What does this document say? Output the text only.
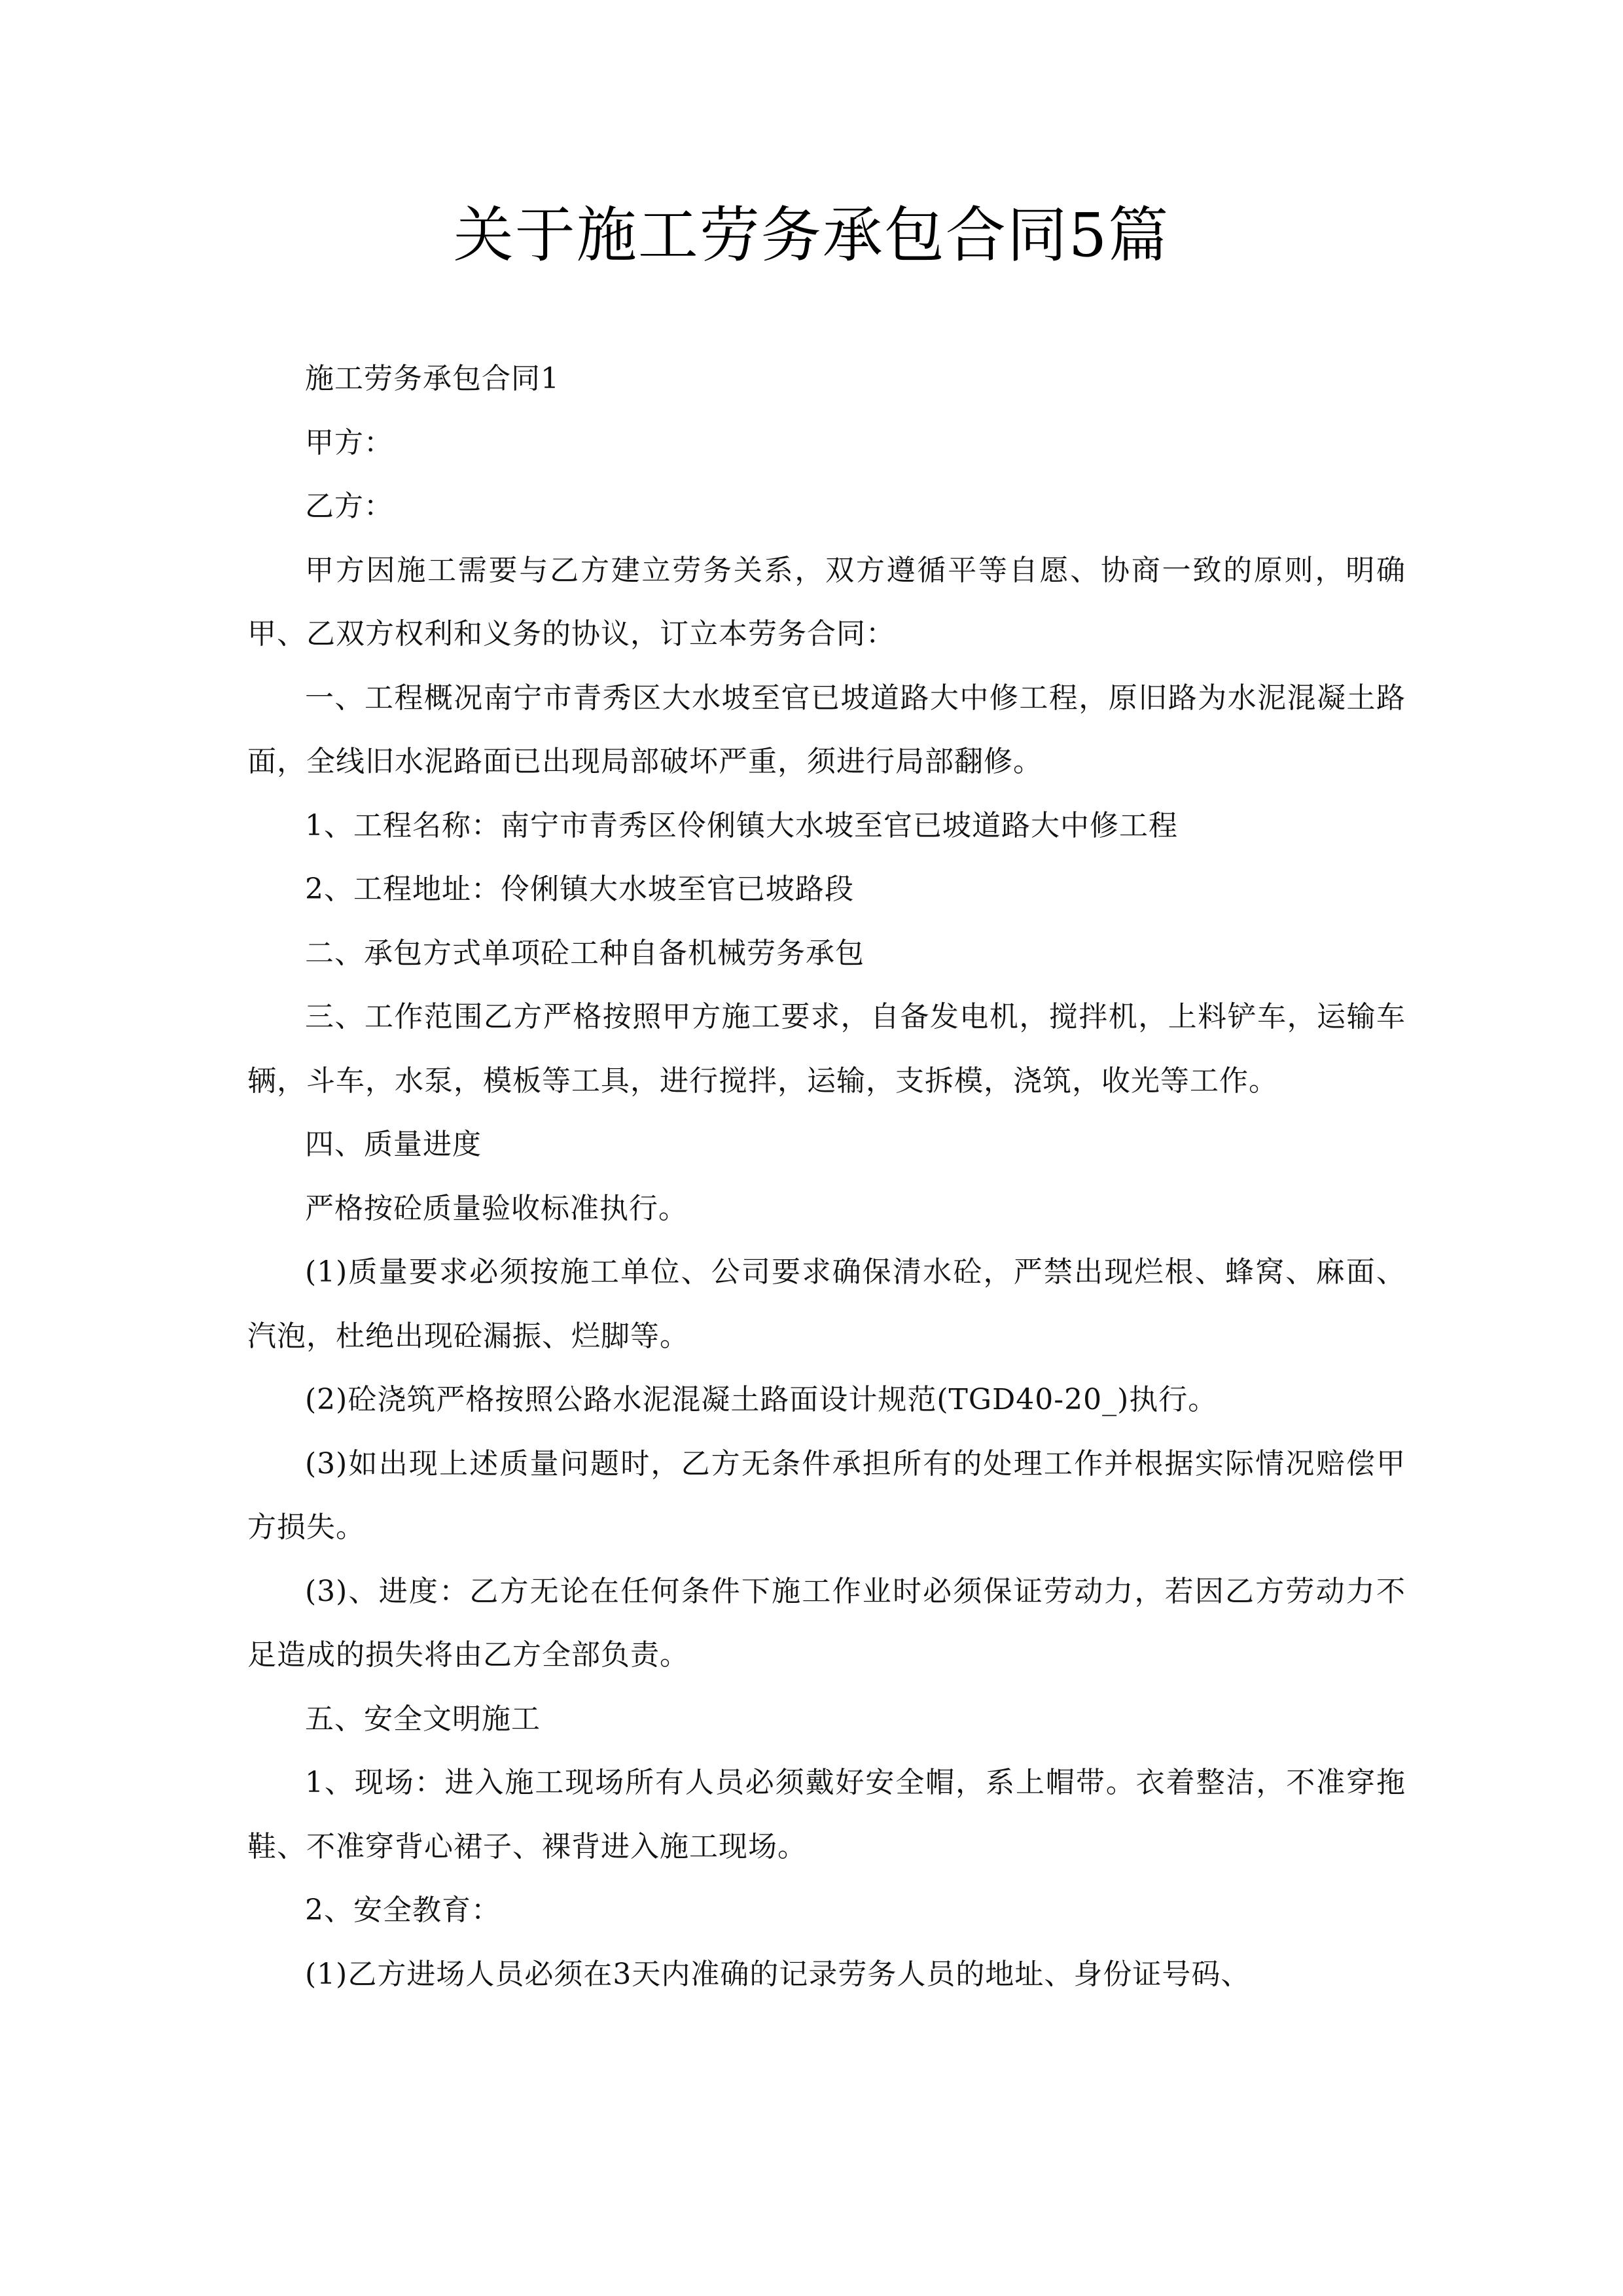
关于施工劳务承包合同5篇

施工劳务承包合同1

甲方：

乙方：

甲方因施工需要与乙方建立劳务关系，双方遵循平等自愿、协商一致的原则，明确甲、乙双方权利和义务的协议，订立本劳务合同：

一、工程概况南宁市青秀区大水坡至官已坡道路大中修工程，原旧路为水泥混凝土路面，全线旧水泥路面已出现局部破坏严重，须进行局部翻修。

1、工程名称：南宁市青秀区伶俐镇大水坡至官已坡道路大中修工程

2、工程地址：伶俐镇大水坡至官已坡路段

二、承包方式单项砼工种自备机械劳务承包

三、工作范围乙方严格按照甲方施工要求，自备发电机，搅拌机，上料铲车，运输车辆，斗车，水泵，模板等工具，进行搅拌，运输，支拆模，浇筑，收光等工作。

四、质量进度

严格按砼质量验收标准执行。

(1)质量要求必须按施工单位、公司要求确保清水砼，严禁出现烂根、蜂窝、麻面、汽泡，杜绝出现砼漏振、烂脚等。

(2)砼浇筑严格按照公路水泥混凝土路面设计规范(TGD40-20_)执行。

(3)如出现上述质量问题时，乙方无条件承担所有的处理工作并根据实际情况赔偿甲方损失。

(3)、进度：乙方无论在任何条件下施工作业时必须保证劳动力，若因乙方劳动力不足造成的损失将由乙方全部负责。

五、安全文明施工

1、现场：进入施工现场所有人员必须戴好安全帽，系上帽带。衣着整洁，不准穿拖鞋、不准穿背心裙子、裸背进入施工现场。

2、安全教育：

(1)乙方进场人员必须在3天内准确的记录劳务人员的地址、身份证号码、
